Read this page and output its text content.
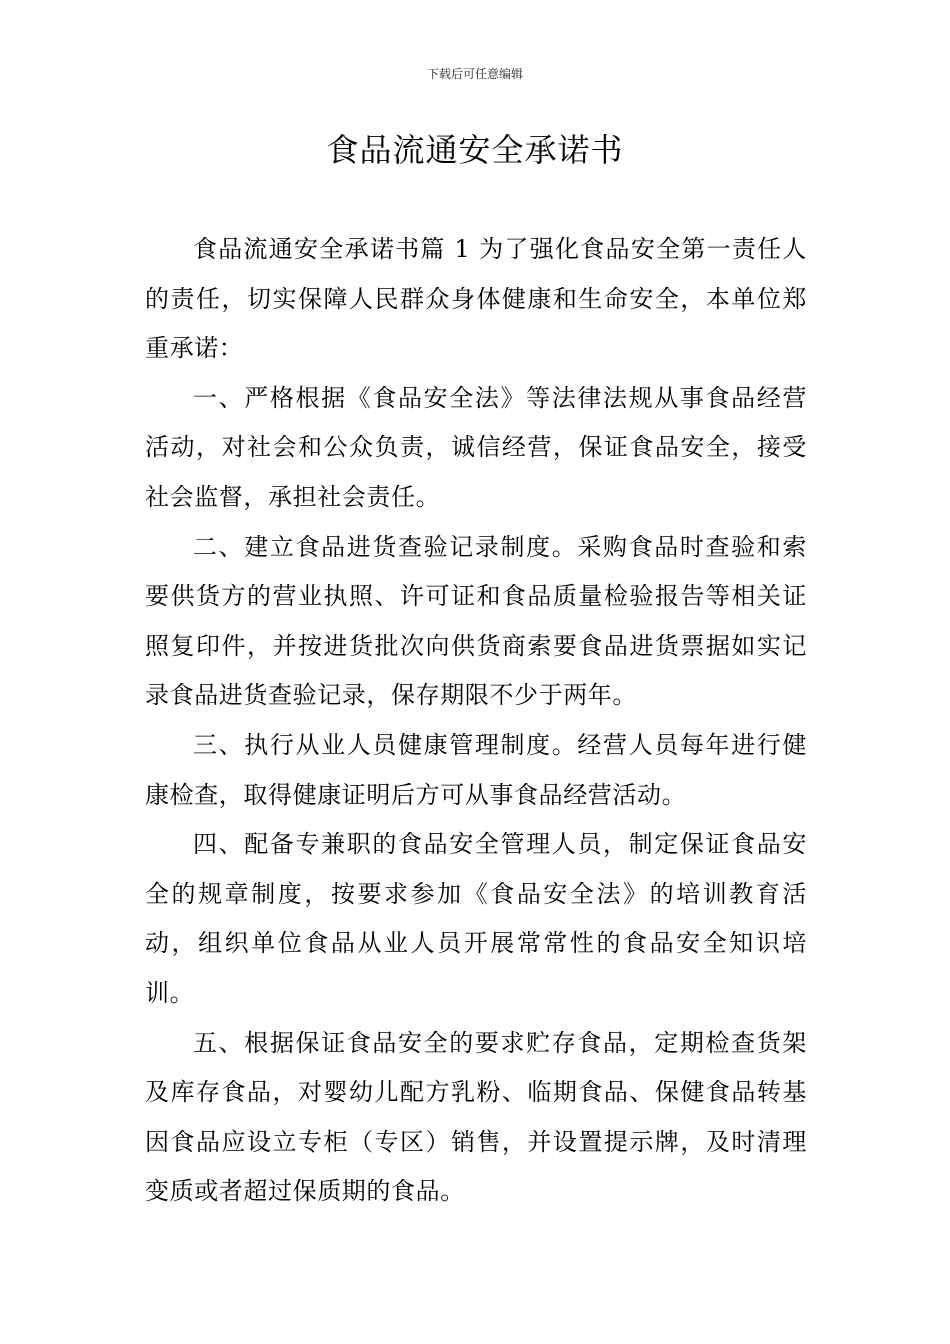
下载后可任意编辑
食品流通安全承诺书

食品流通安全承诺书篇 1 为了强化食品安全第一责任人的责任，切实保障人民群众身体健康和生命安全，本单位郑重承诺：

一、严格根据《食品安全法》等法律法规从事食品经营活动，对社会和公众负责，诚信经营，保证食品安全，接受社会监督，承担社会责任。

二、建立食品进货查验记录制度。采购食品时查验和索要供货方的营业执照、许可证和食品质量检验报告等相关证照复印件，并按进货批次向供货商索要食品进货票据如实记录食品进货查验记录，保存期限不少于两年。

三、执行从业人员健康管理制度。经营人员每年进行健康检查，取得健康证明后方可从事食品经营活动。

四、配备专兼职的食品安全管理人员，制定保证食品安全的规章制度，按要求参加《食品安全法》的培训教育活动，组织单位食品从业人员开展常常性的食品安全知识培训。

五、根据保证食品安全的要求贮存食品，定期检查货架及库存食品，对婴幼儿配方乳粉、临期食品、保健食品转基因食品应设立专柜（专区）销售，并设置提示牌，及时清理变质或者超过保质期的食品。
